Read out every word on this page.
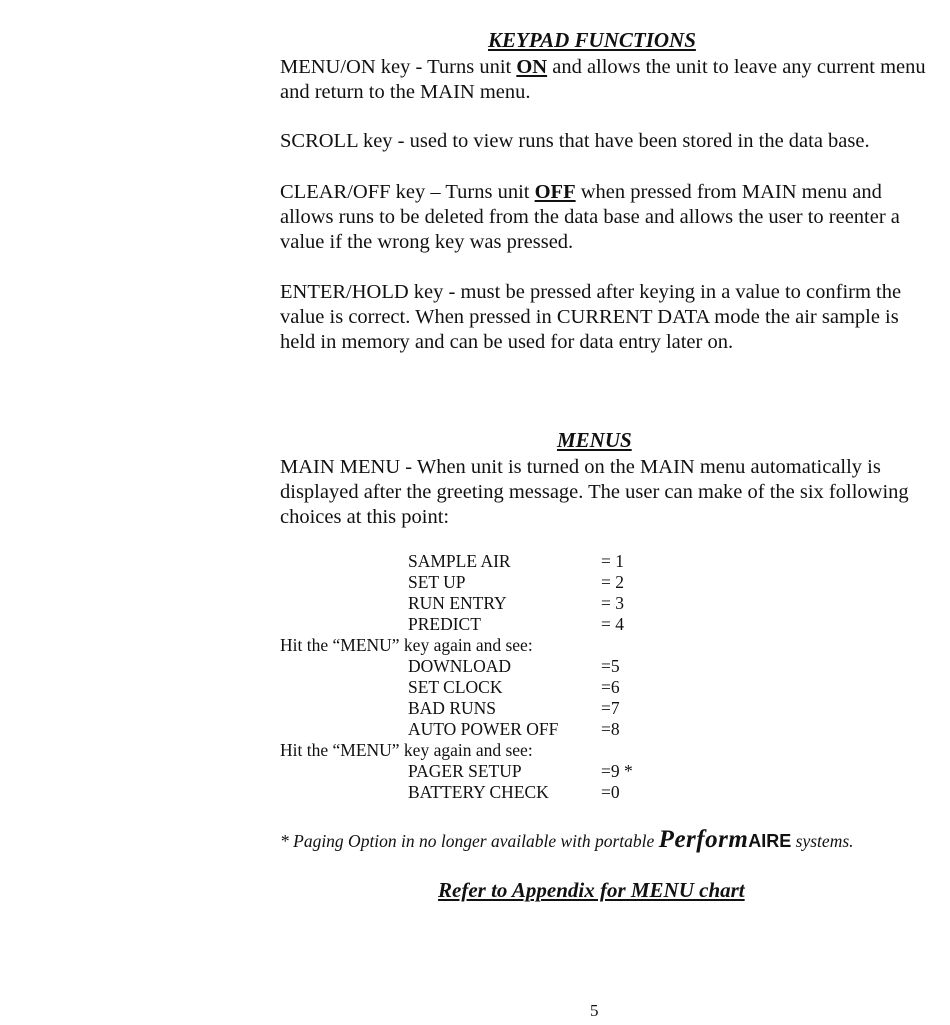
KEYPAD FUNCTIONS
MENU/ON key - Turns unit ON and allows the unit to leave any current menu and return to the MAIN menu.
SCROLL key - used to view runs that have been stored in the data base.
CLEAR/OFF key – Turns unit OFF when pressed from MAIN menu and allows runs to be deleted from the data base and allows the user to reenter a value if the wrong key was pressed.
ENTER/HOLD key - must be pressed after keying in a value to confirm the value is correct. When pressed in CURRENT DATA mode the air sample is held in memory and can be used for data entry later on.
MENUS
MAIN MENU - When unit is turned on the MAIN menu automatically is displayed after the greeting message. The user can make of the six following choices at this point:
SAMPLE AIR	= 1
SET UP	= 2
RUN ENTRY	= 3
PREDICT	= 4
Hit the “MENU” key again and see:
DOWNLOAD	=5
SET CLOCK	=6
BAD RUNS	=7
AUTO POWER OFF =8
Hit the “MENU” key again and see:
PAGER SETUP	=9 *
BATTERY CHECK	=0
* Paging Option in no longer available with portable PerformAIRE systems.
Refer to Appendix for MENU chart
5
